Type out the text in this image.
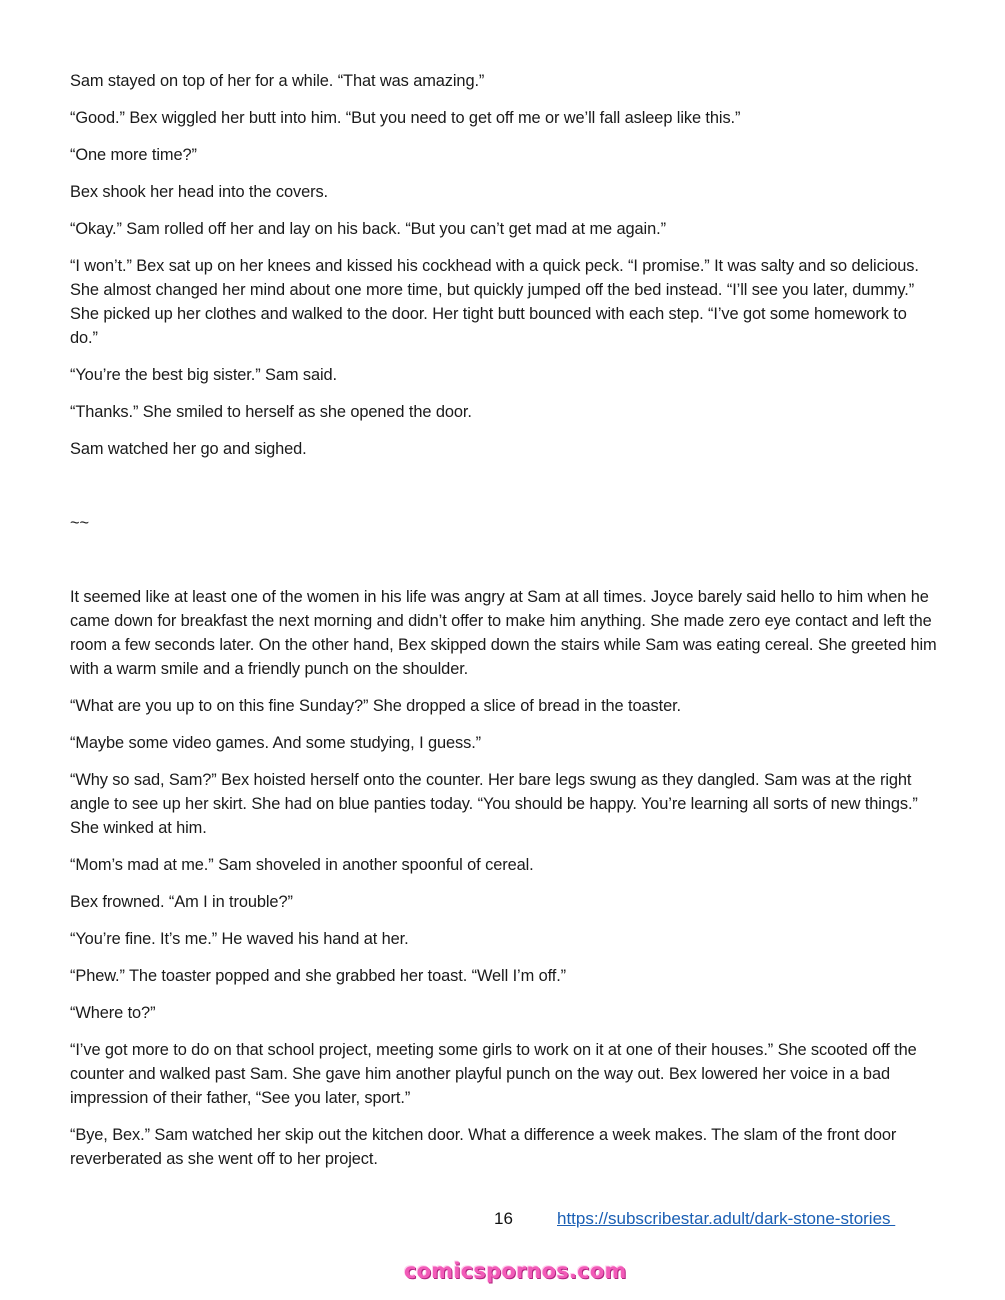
Sam stayed on top of her for a while. “That was amazing.”

“Good.” Bex wiggled her butt into him. “But you need to get off me or we’ll fall asleep like this.”

“One more time?”

Bex shook her head into the covers.

“Okay.” Sam rolled off her and lay on his back. “But you can’t get mad at me again.”

“I won’t.” Bex sat up on her knees and kissed his cockhead with a quick peck. “I promise.” It was salty and so delicious. She almost changed her mind about one more time, but quickly jumped off the bed instead. “I’ll see you later, dummy.” She picked up her clothes and walked to the door. Her tight butt bounced with each step. “I’ve got some homework to do.”

“You’re the best big sister.” Sam said.

“Thanks.” She smiled to herself as she opened the door.

Sam watched her go and sighed.

~~

It seemed like at least one of the women in his life was angry at Sam at all times. Joyce barely said hello to him when he came down for breakfast the next morning and didn’t offer to make him anything. She made zero eye contact and left the room a few seconds later. On the other hand, Bex skipped down the stairs while Sam was eating cereal. She greeted him with a warm smile and a friendly punch on the shoulder.

“What are you up to on this fine Sunday?” She dropped a slice of bread in the toaster.

“Maybe some video games. And some studying, I guess.”

“Why so sad, Sam?” Bex hoisted herself onto the counter. Her bare legs swung as they dangled. Sam was at the right angle to see up her skirt. She had on blue panties today. “You should be happy. You’re learning all sorts of new things.” She winked at him.

“Mom’s mad at me.” Sam shoveled in another spoonful of cereal.

Bex frowned. “Am I in trouble?”

“You’re fine. It’s me.” He waved his hand at her.

“Phew.” The toaster popped and she grabbed her toast. “Well I’m off.”

“Where to?”

“I’ve got more to do on that school project, meeting some girls to work on it at one of their houses.” She scooted off the counter and walked past Sam. She gave him another playful punch on the way out. Bex lowered her voice in a bad impression of their father, “See you later, sport.”

“Bye, Bex.” Sam watched her skip out the kitchen door. What a difference a week makes. The slam of the front door reverberated as she went off to her project.

16	https://subscribestar.adult/dark-stone-stories
comicspornos.com
